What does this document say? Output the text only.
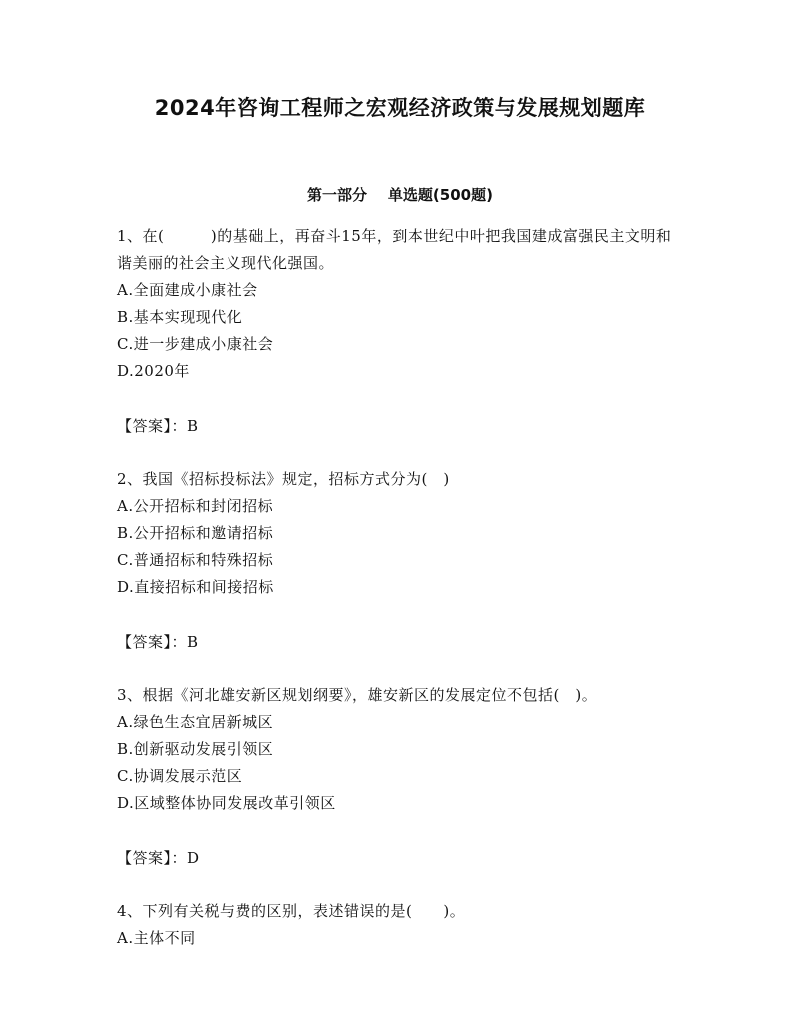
2024年咨询工程师之宏观经济政策与发展规划题库
第一部分    单选题(500题)

1、在(　　　)的基础上，再奋斗15年，到本世纪中叶把我国建成富强民主文明和谐美丽的社会主义现代化强国。

A.全面建成小康社会

B.基本实现现代化

C.进一步建成小康社会

D.2020年

【答案】：B

2、我国《招标投标法》规定，招标方式分为(　)

A.公开招标和封闭招标

B.公开招标和邀请招标

C.普通招标和特殊招标

D.直接招标和间接招标

【答案】：B

3、根据《河北雄安新区规划纲要》，雄安新区的发展定位不包括(　)。

A.绿色生态宜居新城区

B.创新驱动发展引领区

C.协调发展示范区

D.区域整体协同发展改革引领区

【答案】：D

4、下列有关税与费的区别，表述错误的是(　　)。

A.主体不同
